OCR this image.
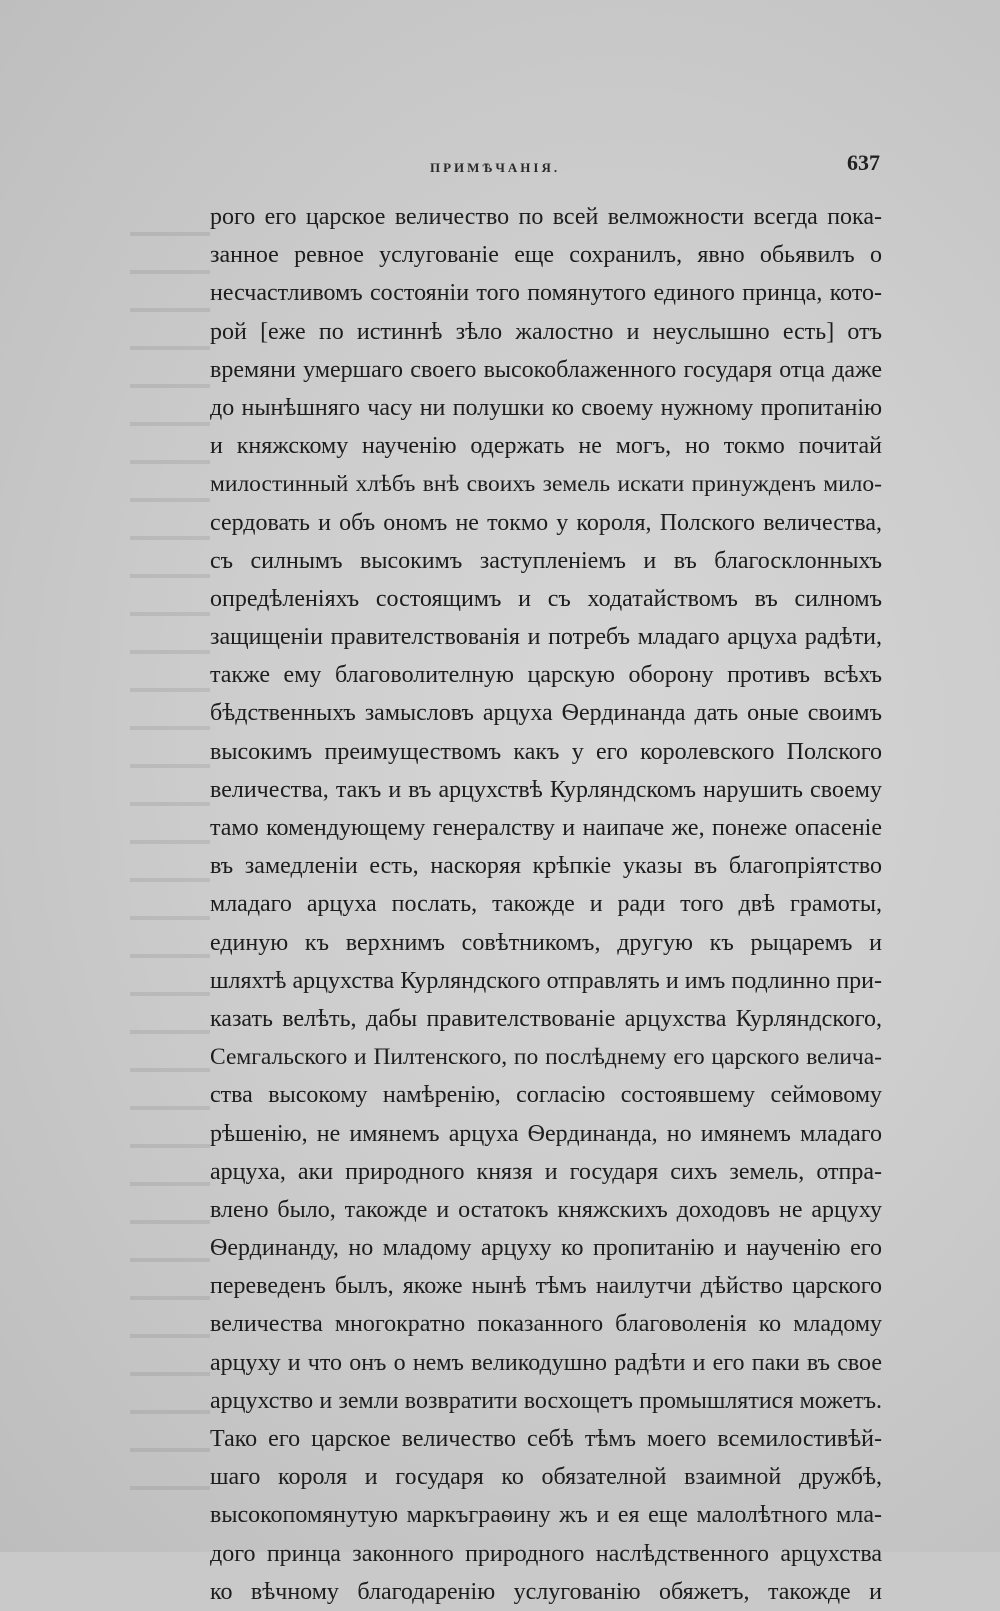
ПРИМѢЧАНІЯ.	637
рого его царское величество по всей велможности всегда пока-
занное ревное услугованіе еще сохранилъ, явно обьявилъ о
несчастливомъ состояніи того помянутого единого принца, кото-
рой [еже по истиннѣ зѣло жалостно и неуслышно есть] отъ
времяни умершаго своего высокоблаженного государя отца даже
до нынѣшняго часу ни полушки ко своему нужному пропитанію
и княжскому наученію одержать не могъ, но токмо почитай
милостинный хлѣбъ внѣ своихъ земель искати принужденъ мило-
сердовать и объ ономъ не токмо у короля, Полского величества,
съ силнымъ высокимъ заступленіемъ и въ благосклонныхъ
опредѣленіяхъ состоящимъ и съ ходатайствомъ въ силномъ
защищеніи правителствованія и потребъ младаго арцуха радѣти,
также ему благоволителную царскую оборону противъ всѣхъ
бѣдственныхъ замысловъ арцуха Ѳердинанда дать оные своимъ
высокимъ преимуществомъ какъ у его королевского Полского
величества, такъ и въ арцухствѣ Курляндскомъ нарушить своему
тамо комендующему генералству и наипаче же, понеже опасеніе
въ замедленіи есть, наскоряя крѣпкіе указы въ благопріятство
младаго арцуха послать, такожде и ради того двѣ грамоты,
единую къ верхнимъ совѣтникомъ, другую къ рыцаремъ и
шляхтѣ арцухства Курляндского отправлять и имъ подлинно при-
казать велѣть, дабы правителствованіе арцухства Курляндского,
Семгальского и Пилтенского, по послѣднему его царского велича-
ства высокому намѣренію, согласію состоявшему сеймовому
рѣшенію, не имянемъ арцуха Ѳердинанда, но имянемъ младаго
арцуха, аки природного князя и государя сихъ земель, отпра-
влено было, такожде и остатокъ княжскихъ доходовъ не арцуху
Ѳердинанду, но младому арцуху ко пропитанію и наученію его
переведенъ былъ, якоже нынѣ тѣмъ наилутчи дѣйство царского
величества многократно показанного благоволенія ко младому
арцуху и что онъ о немъ великодушно радѣти и его паки въ свое
арцухство и земли возвратити восхощетъ промышлятися можетъ.
Тако его царское величество себѣ тѣмъ моего всемилостивѣй-
шаго короля и государя ко обязателной взаимной дружбѣ,
высокопомянутую маркъграѳину жъ и ея еще малолѣтного мла-
дого принца законного природного наслѣдственного арцухства
ко вѣчному благодаренію услугованію обяжетъ, такожде и
